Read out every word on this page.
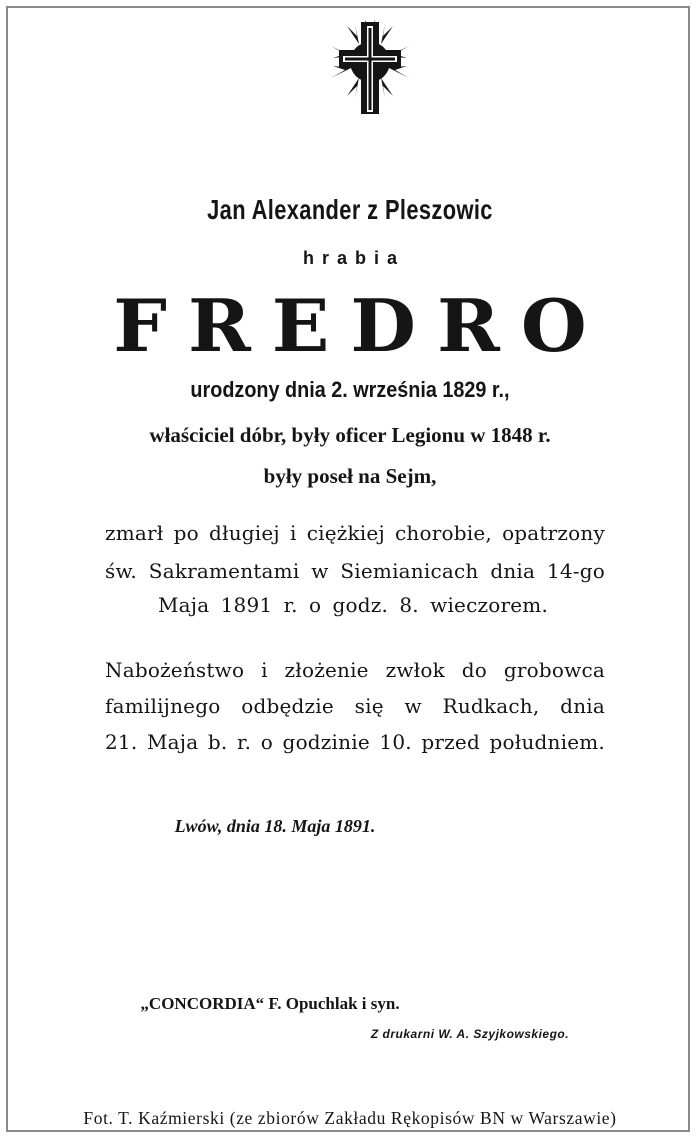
Jan Alexander z Pleszowic
hrabia
FREDRO
urodzony dnia 2. września 1829 r.,
właściciel dóbr, były oficer Legionu w 1848 r.
były poseł na Sejm,
zmarł po długiej i ciężkiej chorobie, opatrzony
św. Sakramentami w Siemianicach dnia 14-go
Maja 1891 r. o godz. 8. wieczorem.
Nabożeństwo i złożenie zwłok do grobowca
familijnego odbędzie się w Rudkach, dnia
21. Maja b. r. o godzinie 10. przed południem.
Lwów, dnia 18. Maja 1891.
„CONCORDIA“ F. Opuchlak i syn.
Z drukarni W. A. Szyjkowskiego.
Fot. T. Kaźmierski (ze zbiorów Zakładu Rękopisów BN w Warszawie)
